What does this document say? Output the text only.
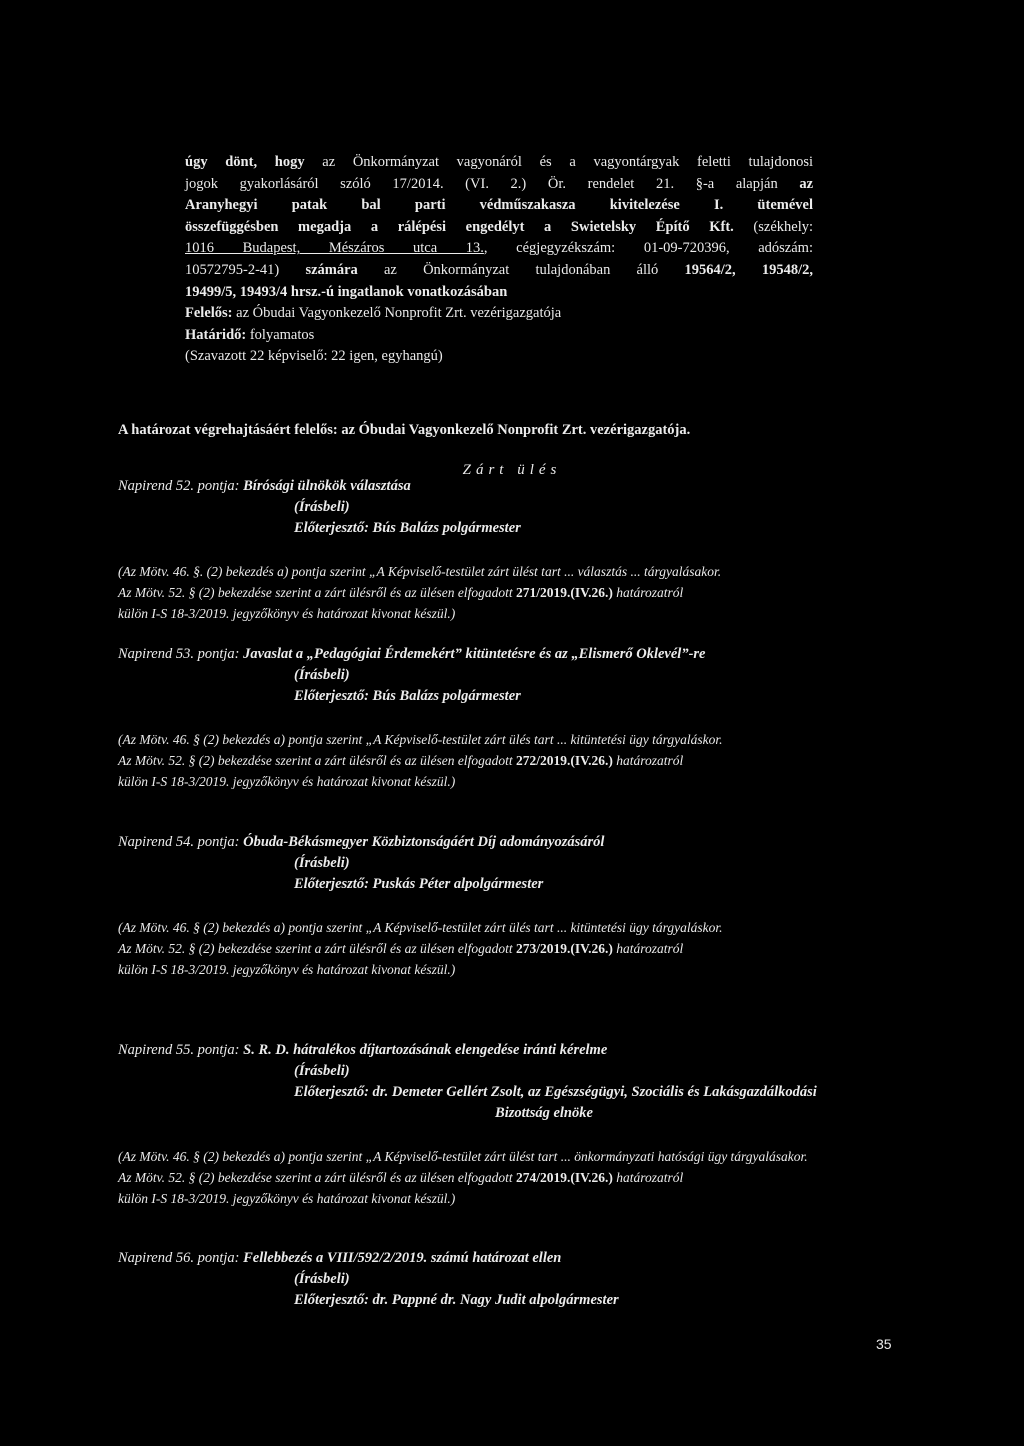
úgy dönt, hogy az Önkormányzat vagyonáról és a vagyontárgyak feletti tulajdonosi

jogok gyakorlásáról szóló 17/2014. (VI. 2.) Ör. rendelet 21. §-a alapján az

Aranyhegyi patak bal parti védműszakasza kivitelezése I. ütemével

összefüggésben megadja a rálépési engedélyt a Swietelsky Építő Kft. (székhely:

1016 Budapest, Mészáros utca 13., cégjegyzékszám: 01-09-720396, adószám:

10572795-2-41) számára az Önkormányzat tulajdonában álló 19564/2, 19548/2,

19499/5, 19493/4 hrsz.-ú ingatlanok vonatkozásában

Felelős: az Óbudai Vagyonkezelő Nonprofit Zrt. vezérigazgatója

Határidő: folyamatos

(Szavazott 22 képviselő: 22 igen, egyhangú)

A határozat végrehajtásáért felelős: az Óbudai Vagyonkezelő Nonprofit Zrt. vezérigazgatója.
Zárt ülés

Napirend 52. pontja: Bírósági ülnökök választása

(Írásbeli)

Előterjesztő: Bús Balázs polgármester

(Az Mötv. 46. §. (2) bekezdés a) pontja szerint „A Képviselő-testület zárt ülést tart ... választás ... tárgyalásakor.
Az Mötv. 52. § (2) bekezdése szerint a zárt ülésről és az ülésen elfogadott 271/2019.(IV.26.) határozatról
külön I-S 18-3/2019. jegyzőkönyv és határozat kivonat készül.)

Napirend 53. pontja: Javaslat a „Pedagógiai Érdemekért” kitüntetésre és az „Elismerő Oklevél”-re

(Írásbeli)

Előterjesztő: Bús Balázs polgármester

(Az Mötv. 46. § (2) bekezdés a) pontja szerint „A Képviselő-testület zárt ülés tart ... kitüntetési ügy tárgyaláskor.
Az Mötv. 52. § (2) bekezdése szerint a zárt ülésről és az ülésen elfogadott 272/2019.(IV.26.) határozatról
külön I-S 18-3/2019. jegyzőkönyv és határozat kivonat készül.)

Napirend 54. pontja: Óbuda-Békásmegyer Közbiztonságáért Díj adományozásáról

(Írásbeli)

Előterjesztő: Puskás Péter alpolgármester

(Az Mötv. 46. § (2) bekezdés a) pontja szerint „A Képviselő-testület zárt ülés tart ... kitüntetési ügy tárgyaláskor.
Az Mötv. 52. § (2) bekezdése szerint a zárt ülésről és az ülésen elfogadott 273/2019.(IV.26.) határozatról
külön I-S 18-3/2019. jegyzőkönyv és határozat kivonat készül.)

Napirend 55. pontja: S. R. D. hátralékos díjtartozásának elengedése iránti kérelme

(Írásbeli)

Előterjesztő: dr. Demeter Gellért Zsolt, az Egészségügyi, Szociális és Lakásgazdálkodási

Bizottság elnöke

(Az Mötv. 46. § (2) bekezdés a) pontja szerint „A Képviselő-testület zárt ülést tart ... önkormányzati hatósági ügy tárgyalásakor.
Az Mötv. 52. § (2) bekezdése szerint a zárt ülésről és az ülésen elfogadott 274/2019.(IV.26.) határozatról
külön I-S 18-3/2019. jegyzőkönyv és határozat kivonat készül.)

Napirend 56. pontja: Fellebbezés a VIII/592/2/2019. számú határozat ellen

(Írásbeli)

Előterjesztő: dr. Pappné dr. Nagy Judit alpolgármester

35
